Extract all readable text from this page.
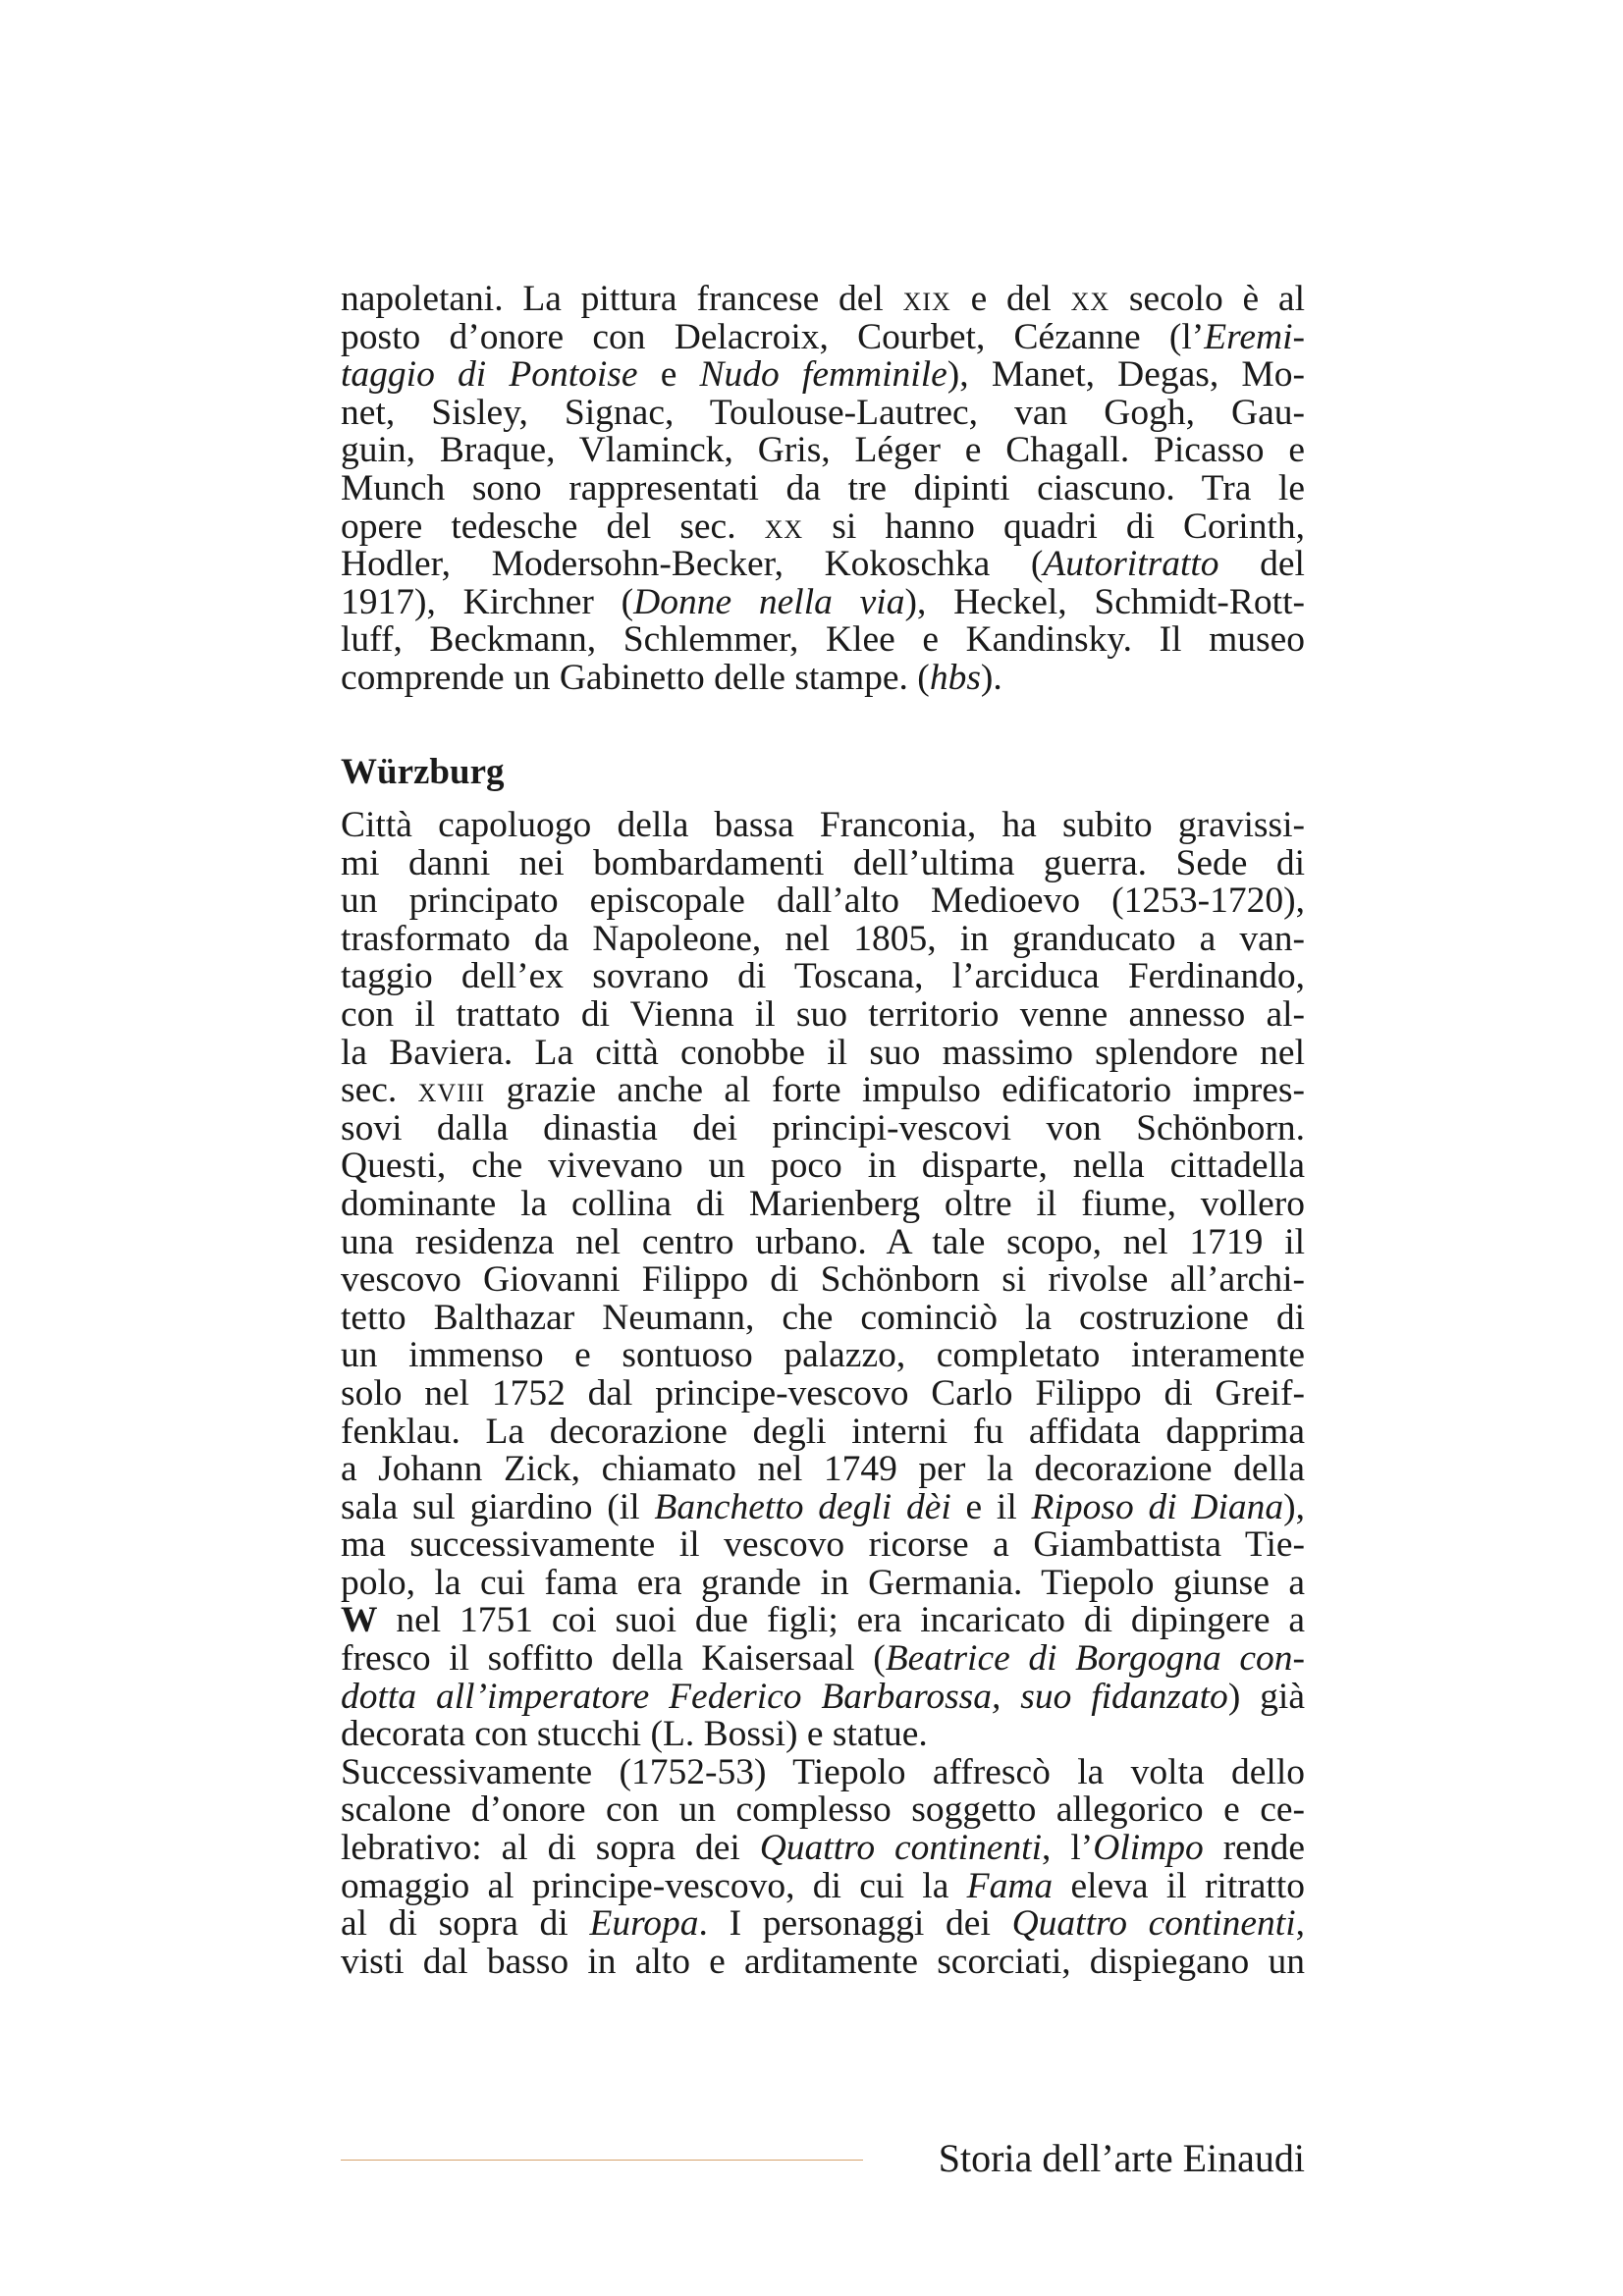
napoletani. La pittura francese del xix e del xx secolo è al
posto d’onore con Delacroix, Courbet, Cézanne (l’Eremi-
taggio di Pontoise e Nudo femminile), Manet, Degas, Mo-
net, Sisley, Signac, Toulouse-Lautrec, van Gogh, Gau-
guin, Braque, Vlaminck, Gris, Léger e Chagall. Picasso e
Munch sono rappresentati da tre dipinti ciascuno. Tra le
opere tedesche del sec. xx si hanno quadri di Corinth,
Hodler, Modersohn-Becker, Kokoschka (Autoritratto del
1917), Kirchner (Donne nella via), Heckel, Schmidt-Rott-
luff, Beckmann, Schlemmer, Klee e Kandinsky. Il museo
comprende un Gabinetto delle stampe. (hbs).
Würzburg
Città capoluogo della bassa Franconia, ha subito gravissi-
mi danni nei bombardamenti dell’ultima guerra. Sede di
un principato episcopale dall’alto Medioevo (1253-1720),
trasformato da Napoleone, nel 1805, in granducato a van-
taggio dell’ex sovrano di Toscana, l’arciduca Ferdinando,
con il trattato di Vienna il suo territorio venne annesso al-
la Baviera. La città conobbe il suo massimo splendore nel
sec. xviii grazie anche al forte impulso edificatorio impres-
sovi dalla dinastia dei principi-vescovi von Schönborn.
Questi, che vivevano un poco in disparte, nella cittadella
dominante la collina di Marienberg oltre il fiume, vollero
una residenza nel centro urbano. A tale scopo, nel 1719 il
vescovo Giovanni Filippo di Schönborn si rivolse all’archi-
tetto Balthazar Neumann, che cominciò la costruzione di
un immenso e sontuoso palazzo, completato interamente
solo nel 1752 dal principe-vescovo Carlo Filippo di Greif-
fenklau. La decorazione degli interni fu affidata dapprima
a Johann Zick, chiamato nel 1749 per la decorazione della
sala sul giardino (il Banchetto degli dèi e il Riposo di Diana),
ma successivamente il vescovo ricorse a Giambattista Tie-
polo, la cui fama era grande in Germania. Tiepolo giunse a
W nel 1751 coi suoi due figli; era incaricato di dipingere a
fresco il soffitto della Kaisersaal (Beatrice di Borgogna con-
dotta all’imperatore Federico Barbarossa, suo fidanzato) già
decorata con stucchi (L. Bossi) e statue.
Successivamente (1752-53) Tiepolo affrescò la volta dello
scalone d’onore con un complesso soggetto allegorico e ce-
lebrativo: al di sopra dei Quattro continenti, l’Olimpo rende
omaggio al principe-vescovo, di cui la Fama eleva il ritratto
al di sopra di Europa. I personaggi dei Quattro continenti,
visti dal basso in alto e arditamente scorciati, dispiegano un
Storia dell’arte Einaudi
